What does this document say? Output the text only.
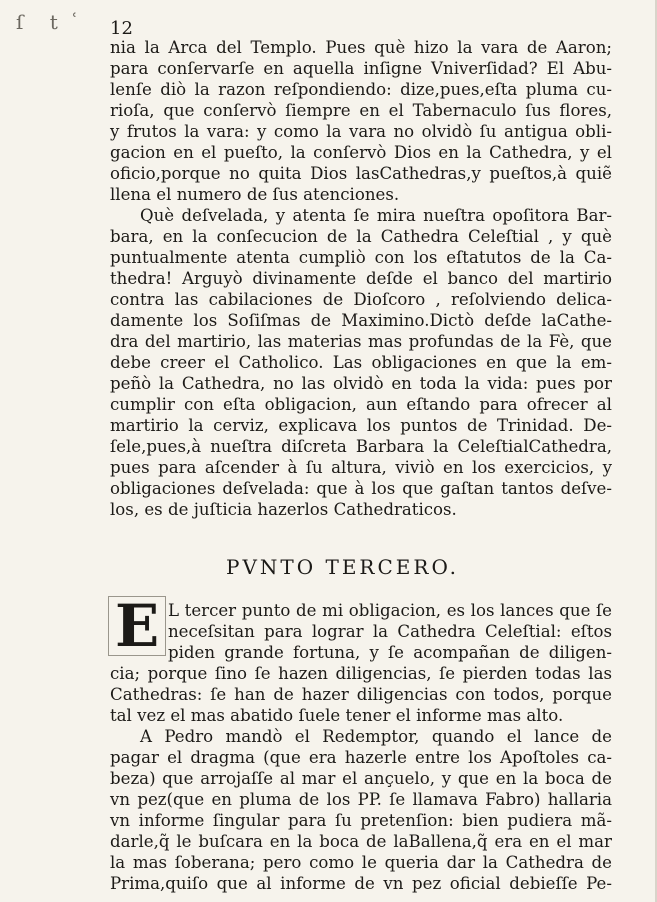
ſ t ʿ 12
nia la Arca del Templo. Pues què hizo la vara de Aaron;
para conſervarſe en aquella inſigne Vniverſidad? El Abu-
lenſe diò la razon reſpondiendo: dize,pues,eſta pluma cu-
rioſa, que conſervò ſiempre en el Tabernaculo ſus flores,
y frutos la vara: y como la vara no olvidò ſu antigua obli-
gacion en el pueſto, la conſervò Dios en la Cathedra, y el
oficio,porque no quita Dios lasCathedras,y pueſtos,à quiẽ
llena el numero de ſus atenciones.
Què deſvelada, y atenta ſe mira nueſtra opoſitora Bar-
bara, en la conſecucion de la Cathedra Celeſtial , y què
puntualmente atenta cumpliò con los eſtatutos de la Ca-
thedra! Arguyò divinamente deſde el banco del martirio
contra las cabilaciones de Dioſcoro , reſolviendo delica-
damente los Soſiſmas de Maximino.Dictò deſde laCathe-
dra del martirio, las materias mas profundas de la Fè, que
debe creer el Catholico. Las obligaciones en que la em-
peñò la Cathedra, no las olvidò en toda la vida: pues por
cumplir con eſta obligacion, aun eſtando para ofrecer al
martirio la cerviz, explicava los puntos de Trinidad. De-
ſele,pues,à nueſtra diſcreta Barbara la CeleſtialCathedra,
pues para aſcender à ſu altura, viviò en los exercicios, y
obligaciones deſvelada: que à los que gaſtan tantos deſve-
los, es de juſticia hazerlos Cathedraticos.
PVNTO TERCERO.
E L tercer punto de mi obligacion, es los lances que ſe
neceſsitan para lograr la Cathedra Celeſtial: eſtos
piden grande fortuna, y ſe acompañan de diligen-
cia; porque ſino ſe hazen diligencias, ſe pierden todas las
Cathedras: ſe han de hazer diligencias con todos, porque
tal vez el mas abatido ſuele tener el informe mas alto.
A Pedro mandò el Redemptor, quando el lance de
pagar el dragma (que era hazerle entre los Apoſtoles ca-
beza) que arrojaſſe al mar el ançuelo, y que en la boca de
vn pez(que en pluma de los PP. ſe llamava Fabro) hallaria
vn informe ſingular para ſu pretenſion: bien pudiera mã-
darle,q̃ le buſcara en la boca de laBallena,q̃ era en el mar
la mas ſoberana; pero como le queria dar la Cathedra de
Prima,quiſo que al informe de vn pez oficial debieſſe Pe-
